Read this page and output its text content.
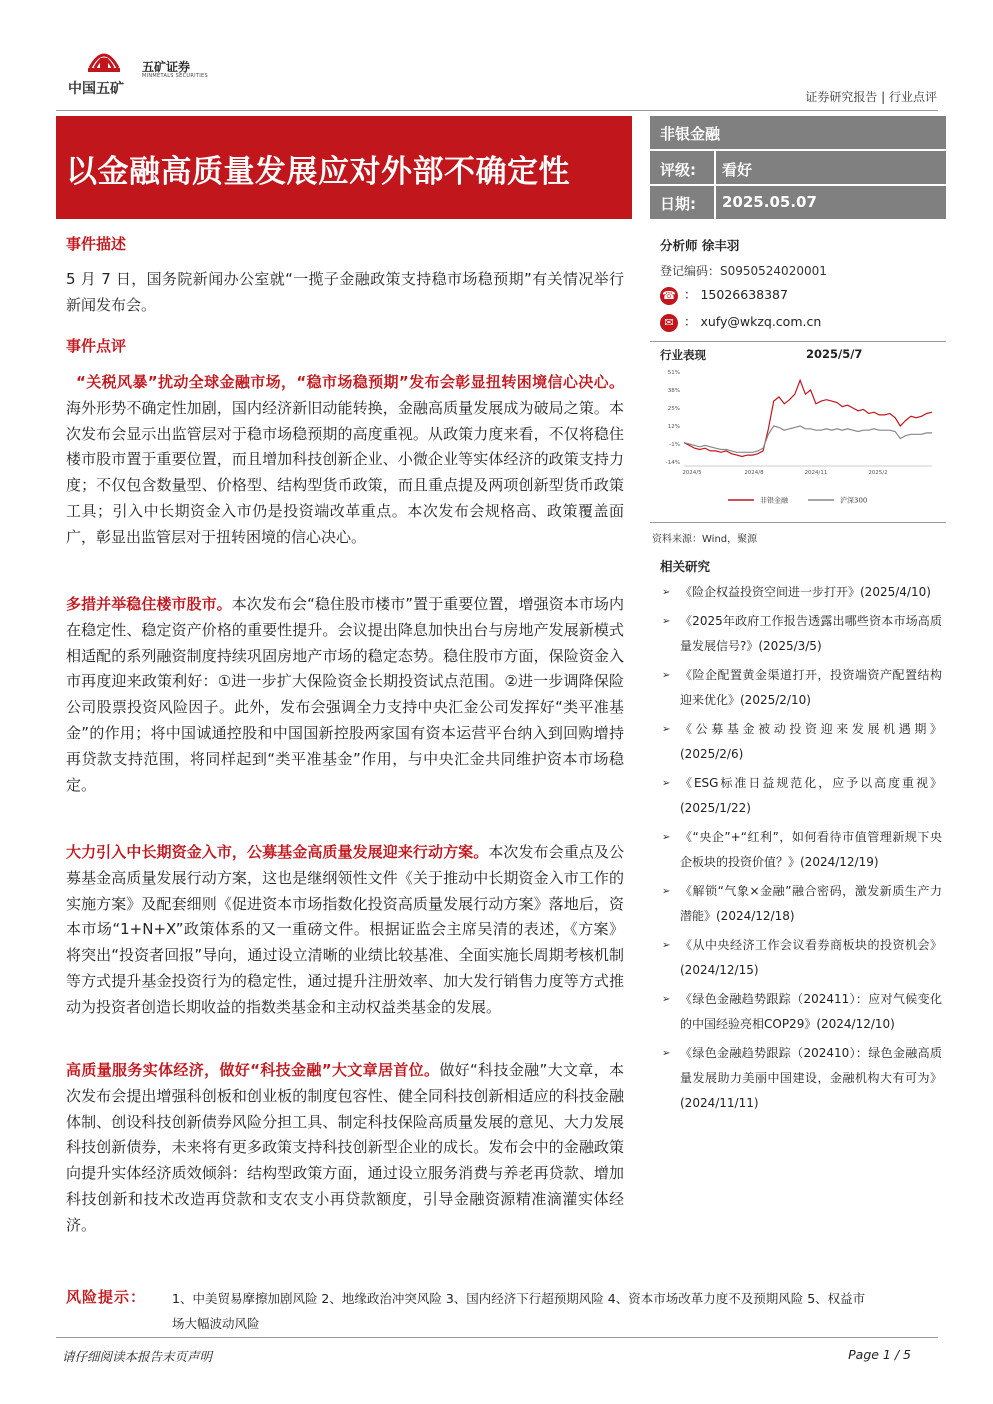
中国五矿
五矿证券
MINMETALS SECURITIES
证券研究报告 | 行业点评
以金融高质量发展应对外部不确定性
非银金融
评级: 看好
日期: 2025.05.07
事件描述
5 月 7 日，国务院新闻办公室就“一揽子金融政策支持稳市场稳预期”有关情况举行新闻发布会。
事件点评
“关税风暴”扰动全球金融市场，“稳市场稳预期”发布会彰显扭转困境信心决心。海外形势不确定性加剧，国内经济新旧动能转换，金融高质量发展成为破局之策。本次发布会显示出监管层对于稳市场稳预期的高度重视。从政策力度来看，不仅将稳住楼市股市置于重要位置，而且增加科技创新企业、小微企业等实体经济的政策支持力度；不仅包含数量型、价格型、结构型货币政策，而且重点提及两项创新型货币政策工具；引入中长期资金入市仍是投资端改革重点。本次发布会规格高、政策覆盖面广，彰显出监管层对于扭转困境的信心决心。
多措并举稳住楼市股市。本次发布会“稳住股市楼市”置于重要位置，增强资本市场内在稳定性、稳定资产价格的重要性提升。会议提出降息加快出台与房地产发展新模式相适配的系列融资制度持续巩固房地产市场的稳定态势。稳住股市方面，保险资金入市再度迎来政策利好：①进一步扩大保险资金长期投资试点范围。②进一步调降保险公司股票投资风险因子。此外，发布会强调全力支持中央汇金公司发挥好“类平准基金”的作用；将中国诚通控股和中国国新控股两家国有资本运营平台纳入到回购增持再贷款支持范围，将同样起到“类平准基金”作用，与中央汇金共同维护资本市场稳定。
大力引入中长期资金入市，公募基金高质量发展迎来行动方案。本次发布会重点及公募基金高质量发展行动方案，这也是继纲领性文件《关于推动中长期资金入市工作的实施方案》及配套细则《促进资本市场指数化投资高质量发展行动方案》落地后，资本市场“1+N+X”政策体系的又一重磅文件。根据证监会主席吴清的表述，《方案》将突出“投资者回报”导向，通过设立清晰的业绩比较基准、全面实施长周期考核机制等方式提升基金投资行为的稳定性，通过提升注册效率、加大发行销售力度等方式推动为投资者创造长期收益的指数类基金和主动权益类基金的发展。
高质量服务实体经济，做好“科技金融”大文章居首位。做好“科技金融”大文章，本次发布会提出增强科创板和创业板的制度包容性、健全同科技创新相适应的科技金融体制、创设科技创新债券风险分担工具、制定科技保险高质量发展的意见、大力发展科技创新债券，未来将有更多政策支持科技创新型企业的成长。发布会中的金融政策向提升实体经济质效倾斜：结构型政策方面，通过设立服务消费与养老再贷款、增加科技创新和技术改造再贷款和支农支小再贷款额度，引导金融资源精准滴灌实体经济。
分析师 徐丰羽
登记编码：S0950524020001
☎ ： 15026638387
✉ ： xufy@wkzq.com.cn
行业表现	2025/5/7
51%
38%
25%
12%
-1%
-14%
2024/5	2024/8	2024/11	2025/2
非银金融	沪深300
资料来源：Wind，聚源
相关研究
➢ 《险企权益投资空间进一步打开》(2025/4/10)
➢ 《2025年政府工作报告透露出哪些资本市场高质量发展信号?》(2025/3/5)
➢ 《险企配置黄金渠道打开，投资端资产配置结构迎来优化》(2025/2/10)
➢ 《公募基金被动投资迎来发展机遇期》(2025/2/6)
➢ 《ESG标准日益规范化，应予以高度重视》(2025/1/22)
➢ 《“央企”+“红利”，如何看待市值管理新规下央企板块的投资价值？》(2024/12/19)
➢ 《解锁“气象×金融”融合密码，激发新质生产力潜能》(2024/12/18)
➢ 《从中央经济工作会议看券商板块的投资机会》(2024/12/15)
➢ 《绿色金融趋势跟踪（202411）：应对气候变化的中国经验亮相COP29》(2024/12/10)
➢ 《绿色金融趋势跟踪（202410）：绿色金融高质量发展助力美丽中国建设，金融机构大有可为》(2024/11/11)
风险提示： 1、中美贸易摩擦加剧风险 2、地缘政治冲突风险 3、国内经济下行超预期风险 4、资本市场改革力度不及预期风险 5、权益市场大幅波动风险
请仔细阅读本报告末页声明	Page 1 / 5
